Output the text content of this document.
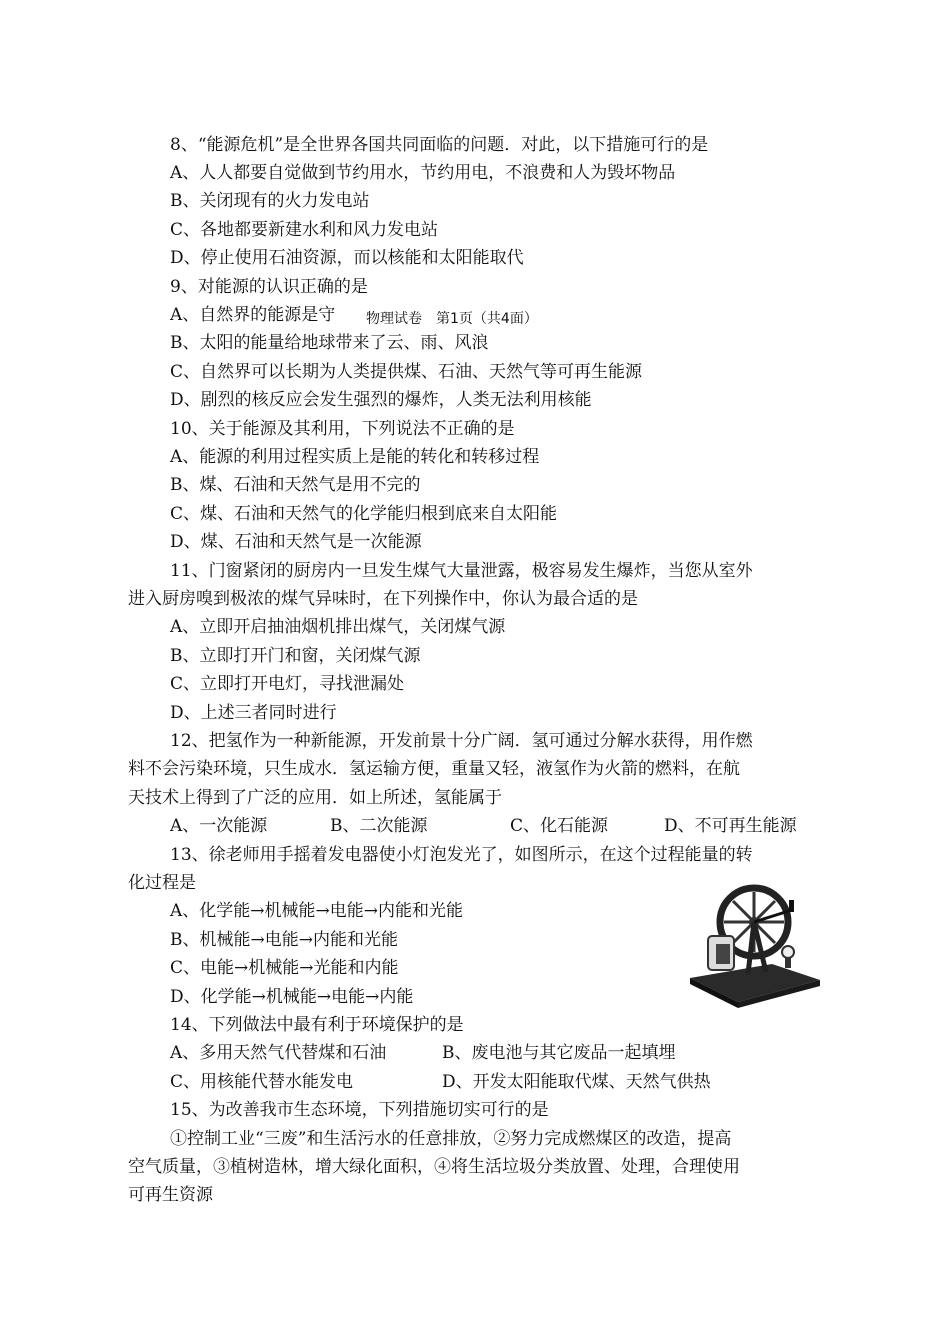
8、“能源危机”是全世界各国共同面临的问题．对此，以下措施可行的是
A、人人都要自觉做到节约用水，节约用电，不浪费和人为毁坏物品
B、关闭现有的火力发电站
C、各地都要新建水利和风力发电站
D、停止使用石油资源，而以核能和太阳能取代
9、对能源的认识正确的是
A、自然界的能源是守
B、太阳的能量给地球带来了云、雨、风浪
物理试卷　第1页（共4面）
C、自然界可以长期为人类提供煤、石油、天然气等可再生能源
D、剧烈的核反应会发生强烈的爆炸，人类无法利用核能
10、关于能源及其利用，下列说法不正确的是
A、能源的利用过程实质上是能的转化和转移过程
B、煤、石油和天然气是用不完的
C、煤、石油和天然气的化学能归根到底来自太阳能
D、煤、石油和天然气是一次能源
11、门窗紧闭的厨房内一旦发生煤气大量泄露，极容易发生爆炸，当您从室外
进入厨房嗅到极浓的煤气异味时，在下列操作中，你认为最合适的是
A、立即开启抽油烟机排出煤气，关闭煤气源
B、立即打开门和窗，关闭煤气源
C、立即打开电灯，寻找泄漏处
D、上述三者同时进行
12、把氢作为一种新能源，开发前景十分广阔．氢可通过分解水获得，用作燃
料不会污染环境，只生成水．氢运输方便，重量又轻，液氢作为火箭的燃料，在航
天技术上得到了广泛的应用．如上所述，氢能属于
A、一次能源	B、二次能源	C、化石能源	D、不可再生能源
13、徐老师用手摇着发电器使小灯泡发光了，如图所示，在这个过程能量的转
化过程是
A、化学能→机械能→电能→内能和光能
B、机械能→电能→内能和光能
C、电能→机械能→光能和内能
D、化学能→机械能→电能→内能
14、下列做法中最有利于环境保护的是
A、多用天然气代替煤和石油	B、废电池与其它废品一起填埋
C、用核能代替水能发电	D、开发太阳能取代煤、天然气供热
15、为改善我市生态环境，下列措施切实可行的是
①控制工业“三废”和生活污水的任意排放，②努力完成燃煤区的改造，提高
空气质量，③植树造林，增大绿化面积，④将生活垃圾分类放置、处理，合理使用
可再生资源
